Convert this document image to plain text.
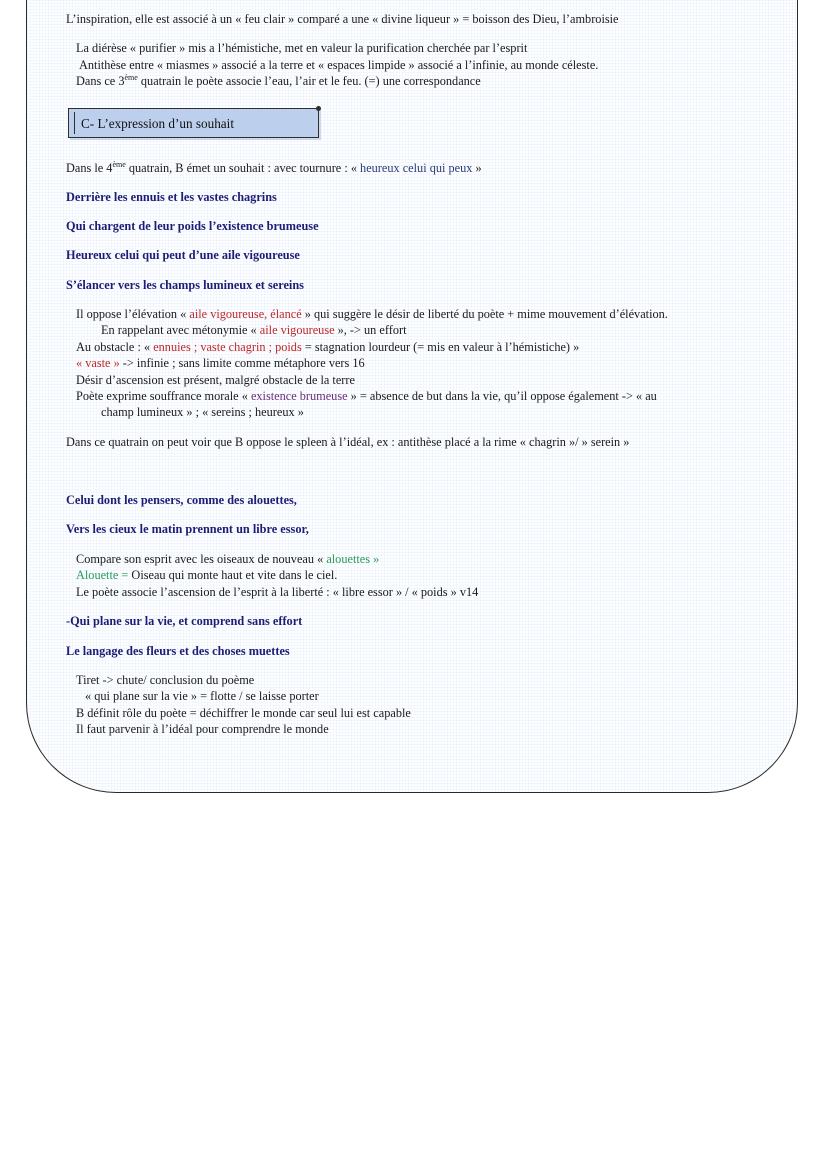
L’inspiration, elle est associé à un « feu clair » comparé a une « divine liqueur » = boisson des Dieu, l’ambroisie
La diérèse « purifier » mis a l’hémistiche, met en valeur la purification cherchée par l’esprit
Antithèse entre « miasmes » associé a la terre et « espaces limpide » associé a l’infinie, au monde céleste.
Dans ce 3ème quatrain le poète associe l’eau, l’air et le feu. (=) une correspondance
C- L’expression d’un souhait
Dans le 4ème quatrain, B émet un souhait : avec tournure : « heureux celui qui peux »
Derrière les ennuis et les vastes chagrins
Qui chargent de leur poids l’existence brumeuse
Heureux celui qui peut d’une aile vigoureuse
S’élancer vers les champs lumineux et sereins
Il oppose l’élévation « aile vigoureuse, élancé » qui suggère le désir de liberté du poète + mime mouvement d’élévation.
En rappelant avec métonymie « aile vigoureuse », -> un effort
Au obstacle : « ennuies ; vaste chagrin ; poids = stagnation lourdeur (= mis en valeur à l’hémistiche) »
« vaste » -> infinie ; sans limite comme métaphore vers 16
Désir d’ascension est présent, malgré obstacle de la terre
Poète exprime souffrance morale « existence brumeuse » = absence de but dans la vie, qu’il oppose également -> « au
champ lumineux » ; « sereins ; heureux »
Dans ce quatrain on peut voir que B oppose le spleen à l’idéal, ex : antithèse placé a la rime « chagrin »/ » serein »
Celui dont les pensers, comme des alouettes,
Vers les cieux le matin prennent un libre essor,
Compare son esprit avec les oiseaux de nouveau « alouettes »
Alouette = Oiseau qui monte haut et vite dans le ciel.
Le poète associe l’ascension de l’esprit à la liberté : « libre essor » / « poids » v14
-Qui plane sur la vie, et comprend sans effort
Le langage des fleurs et des choses muettes
Tiret -> chute/ conclusion du poème
« qui plane sur la vie » = flotte / se laisse porter
B définit rôle du poète = déchiffrer le monde car seul lui est capable
Il faut parvenir à l’idéal pour comprendre le monde
